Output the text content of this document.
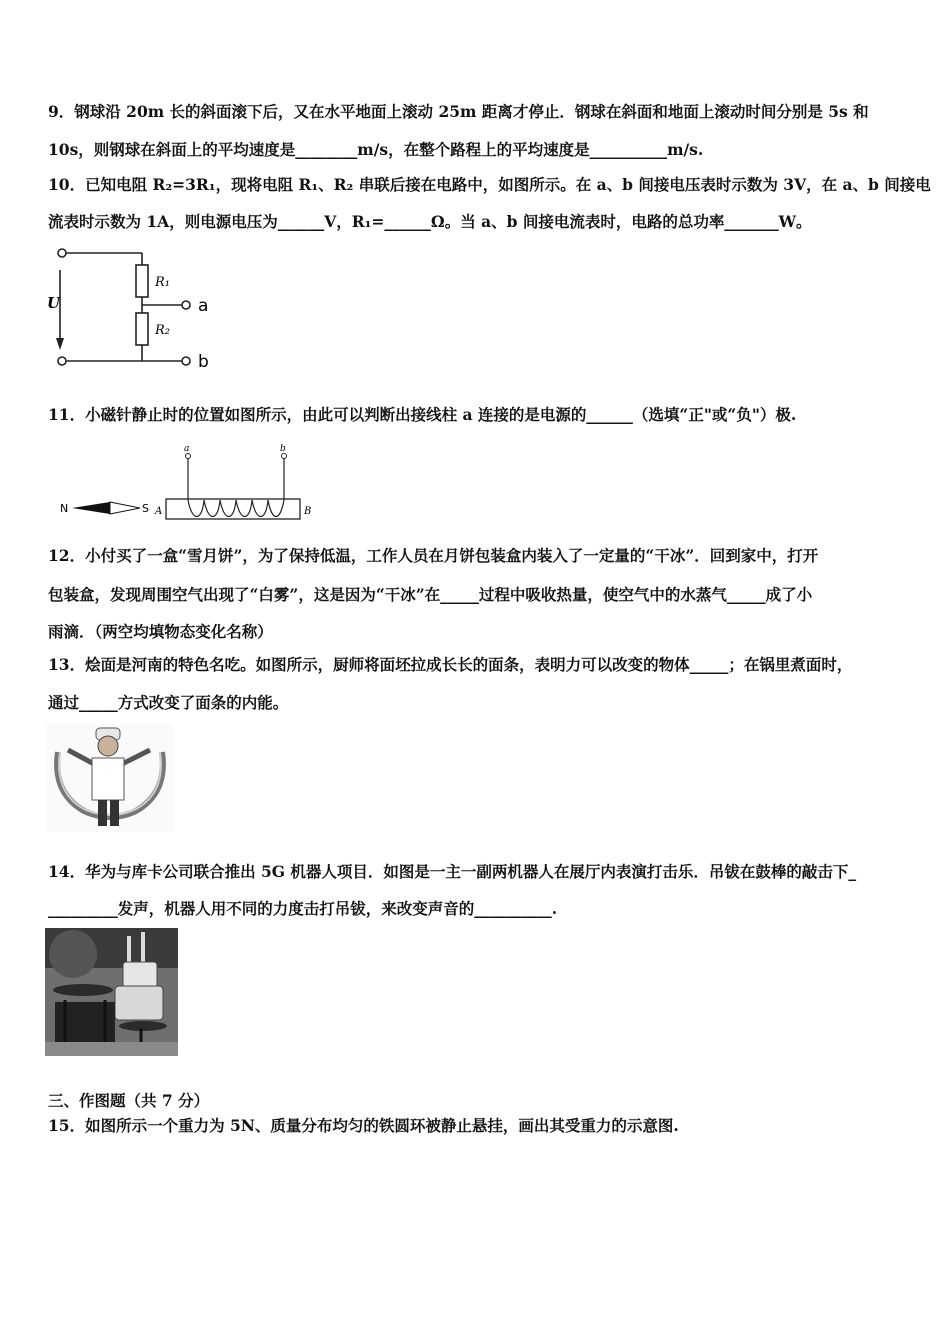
9．钢球沿 20m 长的斜面滚下后，又在水平地面上滚动 25m 距离才停止．钢球在斜面和地面上滚动时间分别是 5s 和
10s，则钢球在斜面上的平均速度是________m/s，在整个路程上的平均速度是__________m/s.
10．已知电阻 R₂=3R₁，现将电阻 R₁、R₂ 串联后接在电路中，如图所示。在 a、b 间接电压表时示数为 3V，在 a、b 间接电
流表时示数为 1A，则电源电压为______V，R₁=______Ω。当 a、b 间接电流表时，电路的总功率_______W。
U
R₁
R₂
a
b
11．小磁针静止时的位置如图所示，由此可以判断出接线柱 a 连接的是电源的______（选填“正"或“负"）极.
N	S A
a	b
B
12．小付买了一盒“雪月饼”，为了保持低温，工作人员在月饼包装盒内装入了一定量的“干冰”．回到家中，打开
包装盒，发现周围空气出现了“白雾”，这是因为“干冰”在_____过程中吸收热量，使空气中的水蒸气_____成了小
雨滴．（两空均填物态变化名称）
13．烩面是河南的特色名吃。如图所示，厨师将面坯拉成长长的面条，表明力可以改变的物体_____；在锅里煮面时，
通过_____方式改变了面条的内能。
14．华为与库卡公司联合推出 5G 机器人项目．如图是一主一副两机器人在展厅内表演打击乐．吊钹在鼓棒的敲击下_
_________发声，机器人用不同的力度击打吊钹，来改变声音的__________.
三、作图题（共 7 分）
15．如图所示一个重力为 5N、质量分布均匀的铁圆环被静止悬挂，画出其受重力的示意图.
